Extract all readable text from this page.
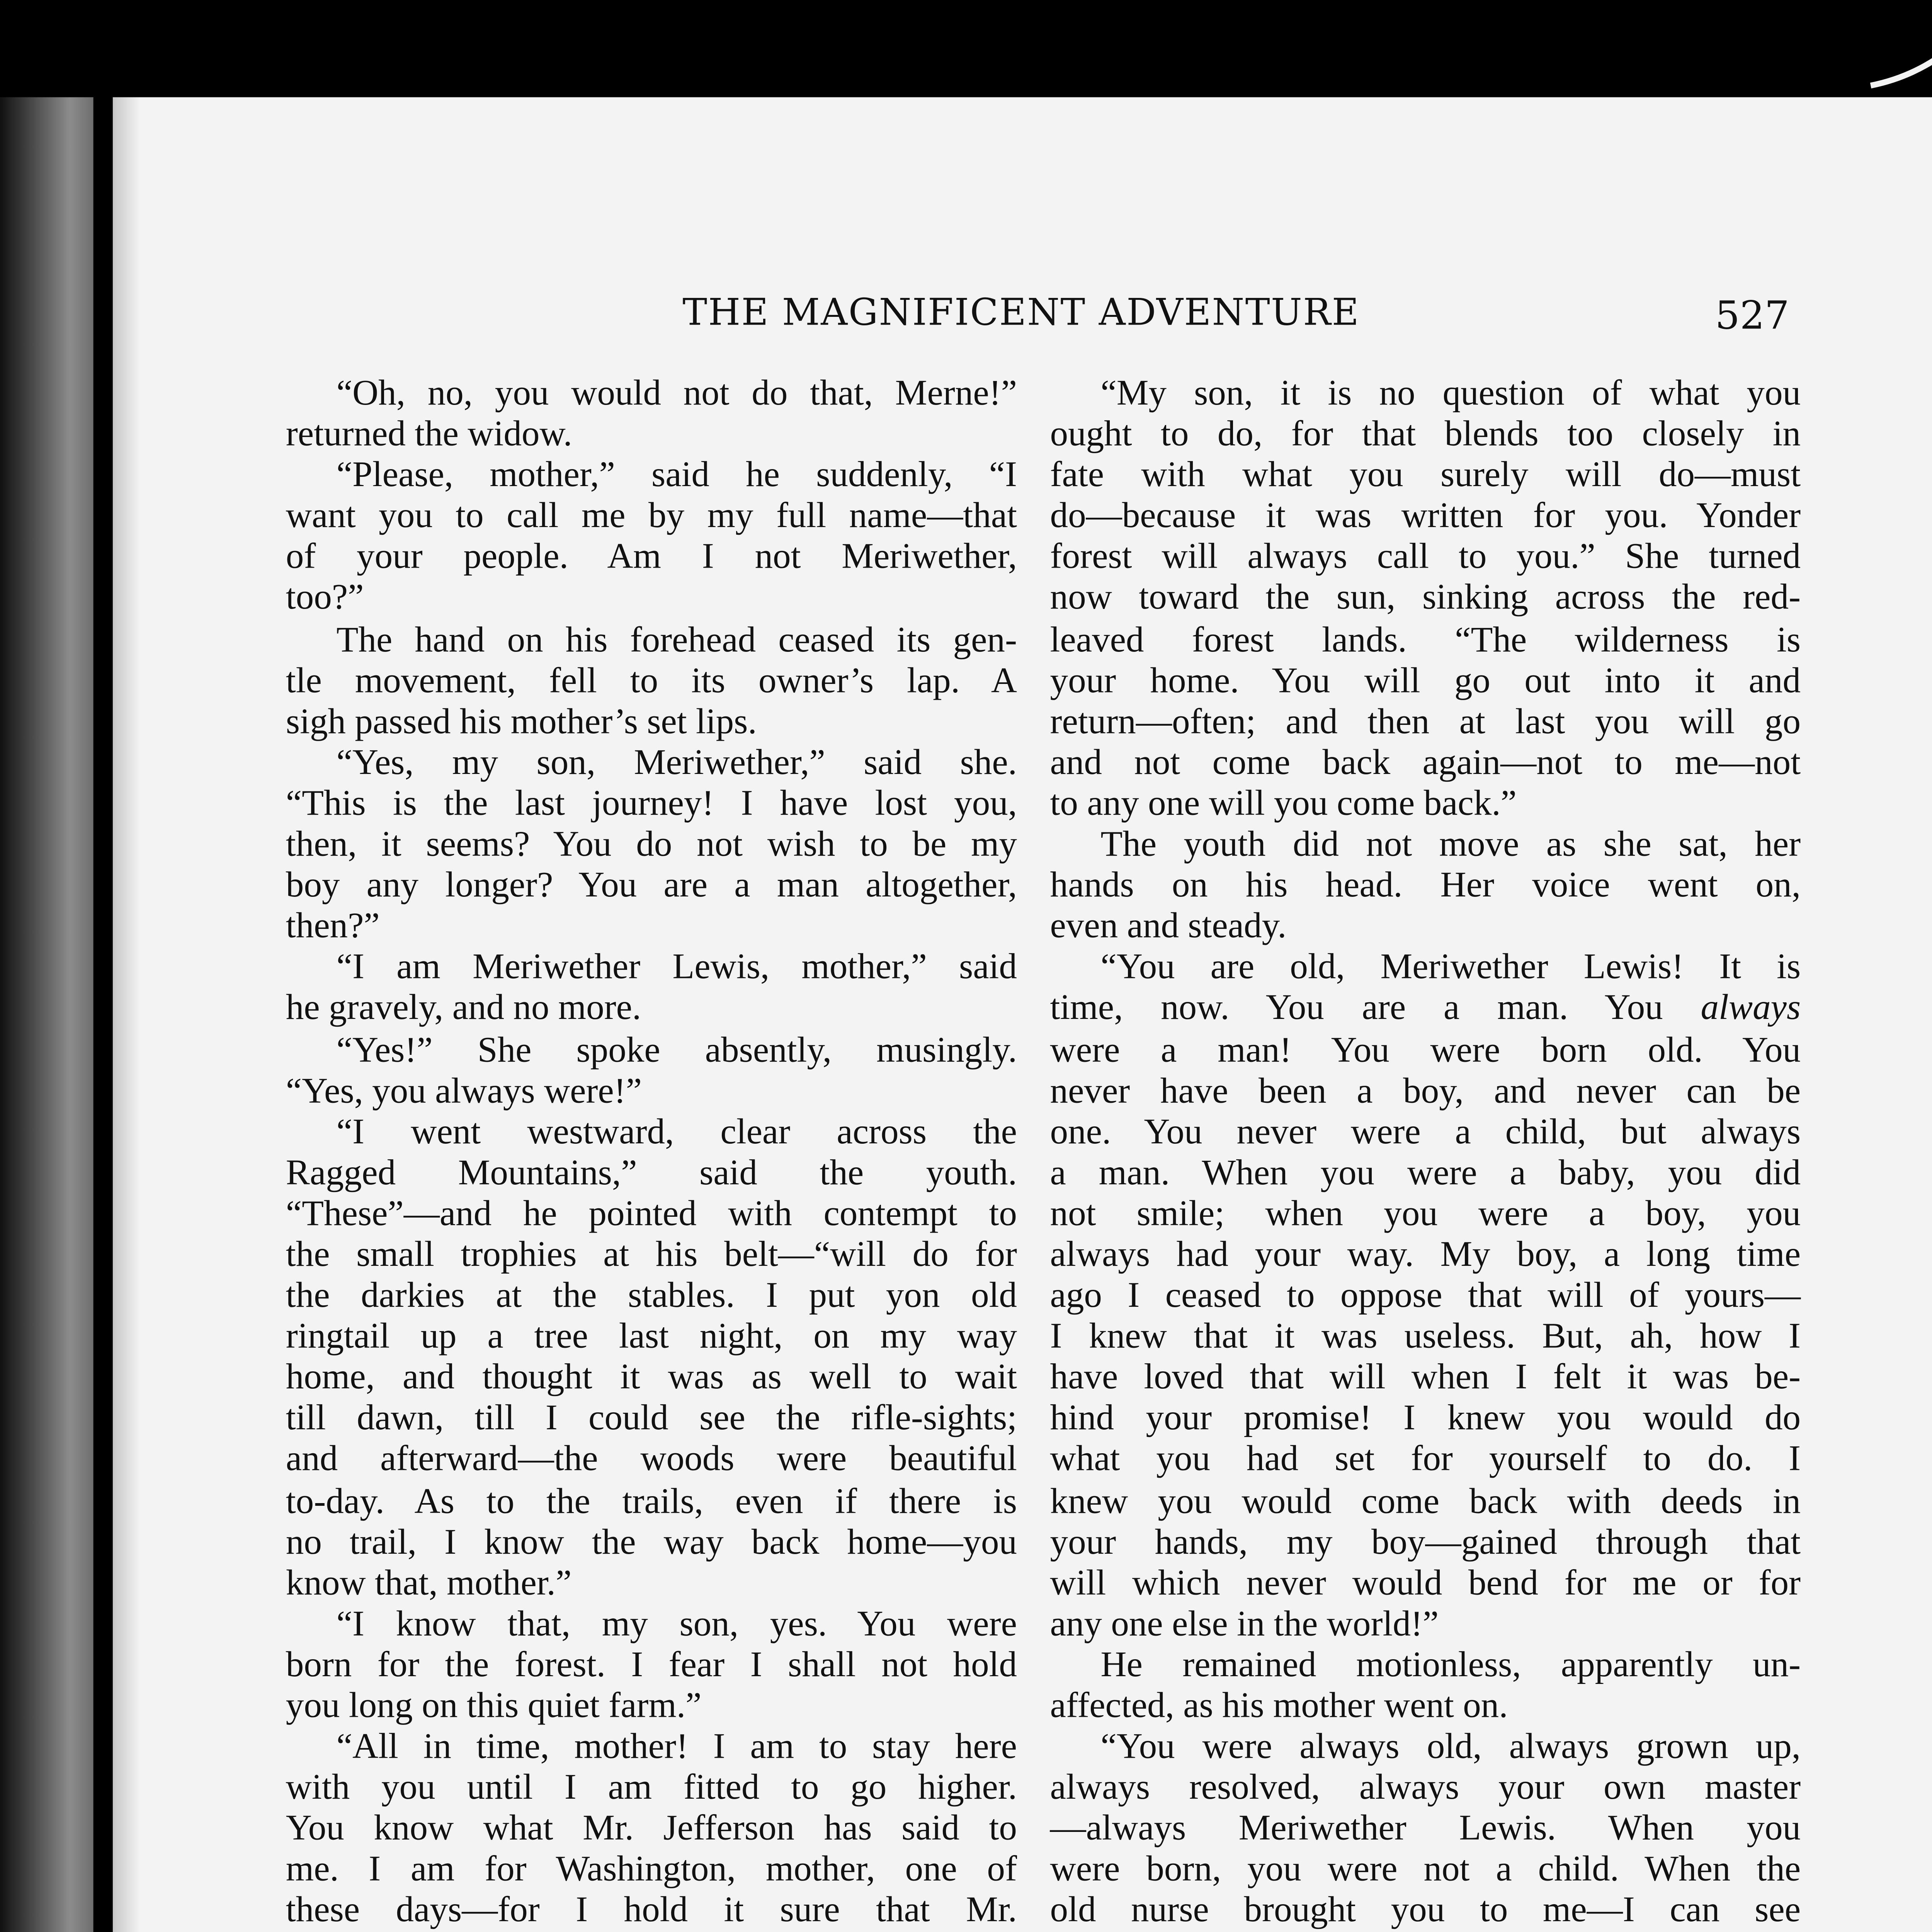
THE MAGNIFICENT ADVENTURE	527
“Oh, no, you would not do that, Merne!”
returned the widow.
“Please, mother,” said he suddenly, “I
want you to call me by my full name—that
of your people. Am I not Meriwether,
too?”
The hand on his forehead ceased its gen-
tle movement, fell to its owner’s lap. A
sigh passed his mother’s set lips.
“Yes, my son, Meriwether,” said she.
“This is the last journey! I have lost you,
then, it seems? You do not wish to be my
boy any longer? You are a man altogether,
then?”
“I am Meriwether Lewis, mother,” said
he gravely, and no more.
“Yes!” She spoke absently, musingly.
“Yes, you always were!”
“I went westward, clear across the
Ragged Mountains,” said the youth.
“These”—and he pointed with contempt to
the small trophies at his belt—“will do for
the darkies at the stables. I put yon old
ringtail up a tree last night, on my way
home, and thought it was as well to wait
till dawn, till I could see the rifle-sights;
and afterward—the woods were beautiful
to-day. As to the trails, even if there is
no trail, I know the way back home—you
know that, mother.”
“I know that, my son, yes. You were
born for the forest. I fear I shall not hold
you long on this quiet farm.”
“All in time, mother! I am to stay here
with you until I am fitted to go higher.
You know what Mr. Jefferson has said to
me. I am for Washington, mother, one of
these days—for I hold it sure that Mr.
“My son, it is no question of what you
ought to do, for that blends too closely in
fate with what you surely will do—must
do—because it was written for you. Yonder
forest will always call to you.” She turned
now toward the sun, sinking across the red-
leaved forest lands. “The wilderness is
your home. You will go out into it and
return—often; and then at last you will go
and not come back again—not to me—not
to any one will you come back.”
The youth did not move as she sat, her
hands on his head. Her voice went on,
even and steady.
“You are old, Meriwether Lewis! It is
time, now. You are a man. You always
were a man! You were born old. You
never have been a boy, and never can be
one. You never were a child, but always
a man. When you were a baby, you did
not smile; when you were a boy, you
always had your way. My boy, a long time
ago I ceased to oppose that will of yours—
I knew that it was useless. But, ah, how I
have loved that will when I felt it was be-
hind your promise! I knew you would do
what you had set for yourself to do. I
knew you would come back with deeds in
your hands, my boy—gained through that
will which never would bend for me or for
any one else in the world!”
He remained motionless, apparently un-
affected, as his mother went on.
“You were always old, always grown up,
always resolved, always your own master
—always Meriwether Lewis. When you
were born, you were not a child. When the
old nurse brought you to me—I can see
